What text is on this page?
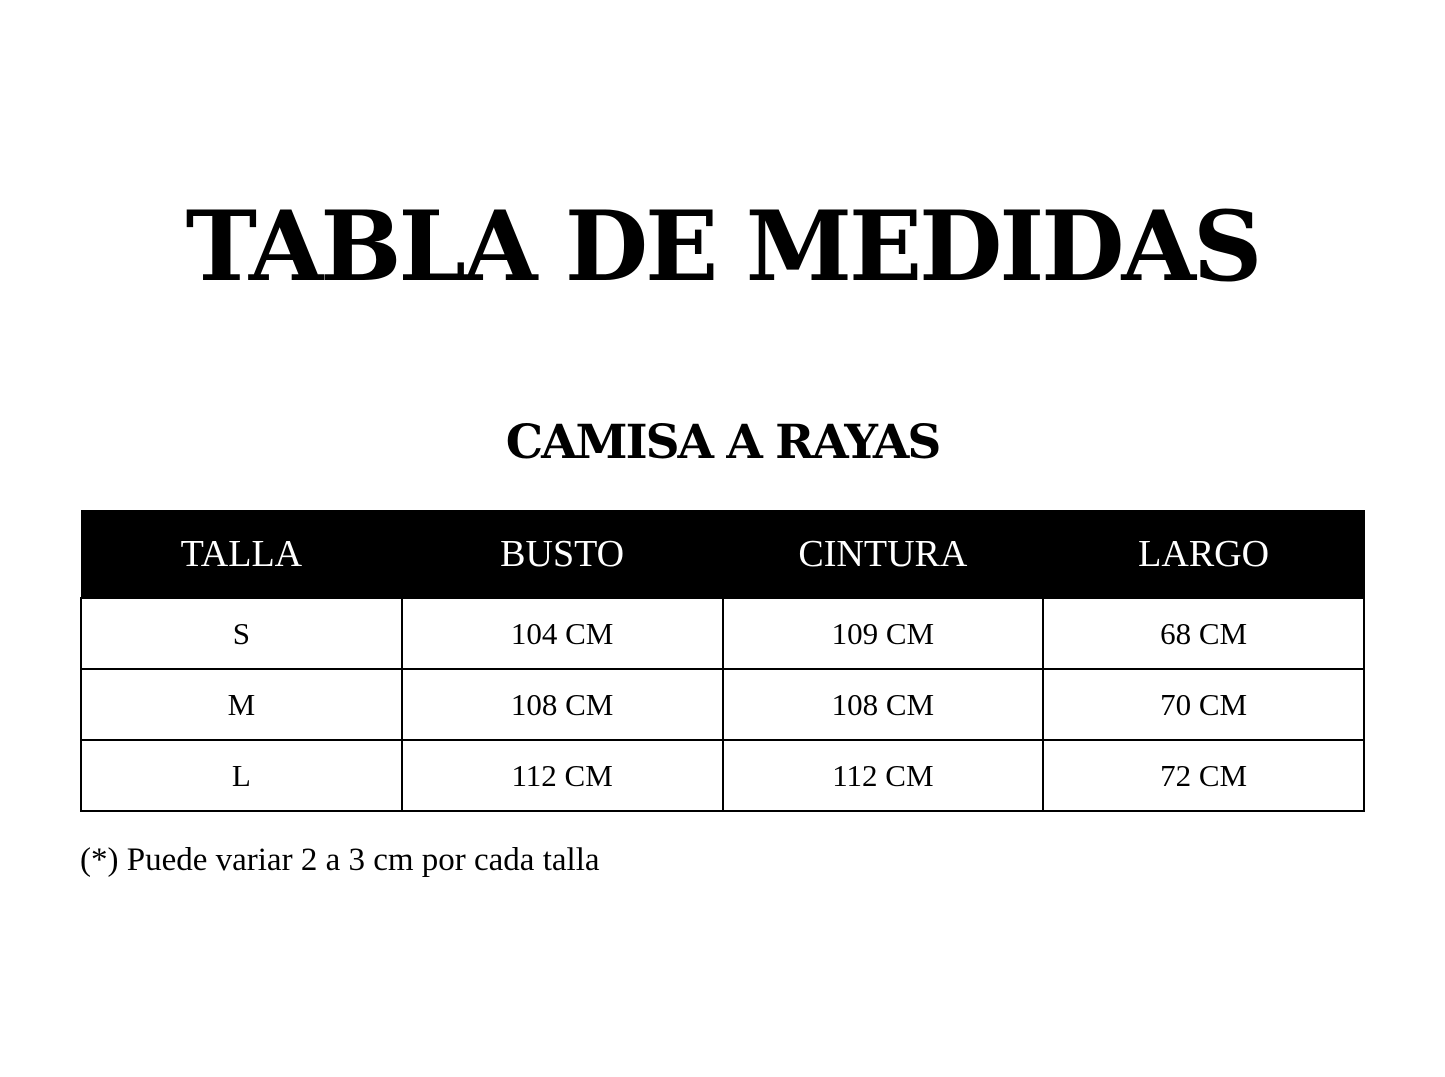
TABLA DE MEDIDAS
CAMISA A RAYAS
TALLA	BUSTO	CINTURA	LARGO
S	104 CM	109 CM	68 CM
M	108 CM	108 CM	70 CM
L	112 CM	112 CM	72 CM

(*) Puede variar 2 a 3 cm por cada talla
